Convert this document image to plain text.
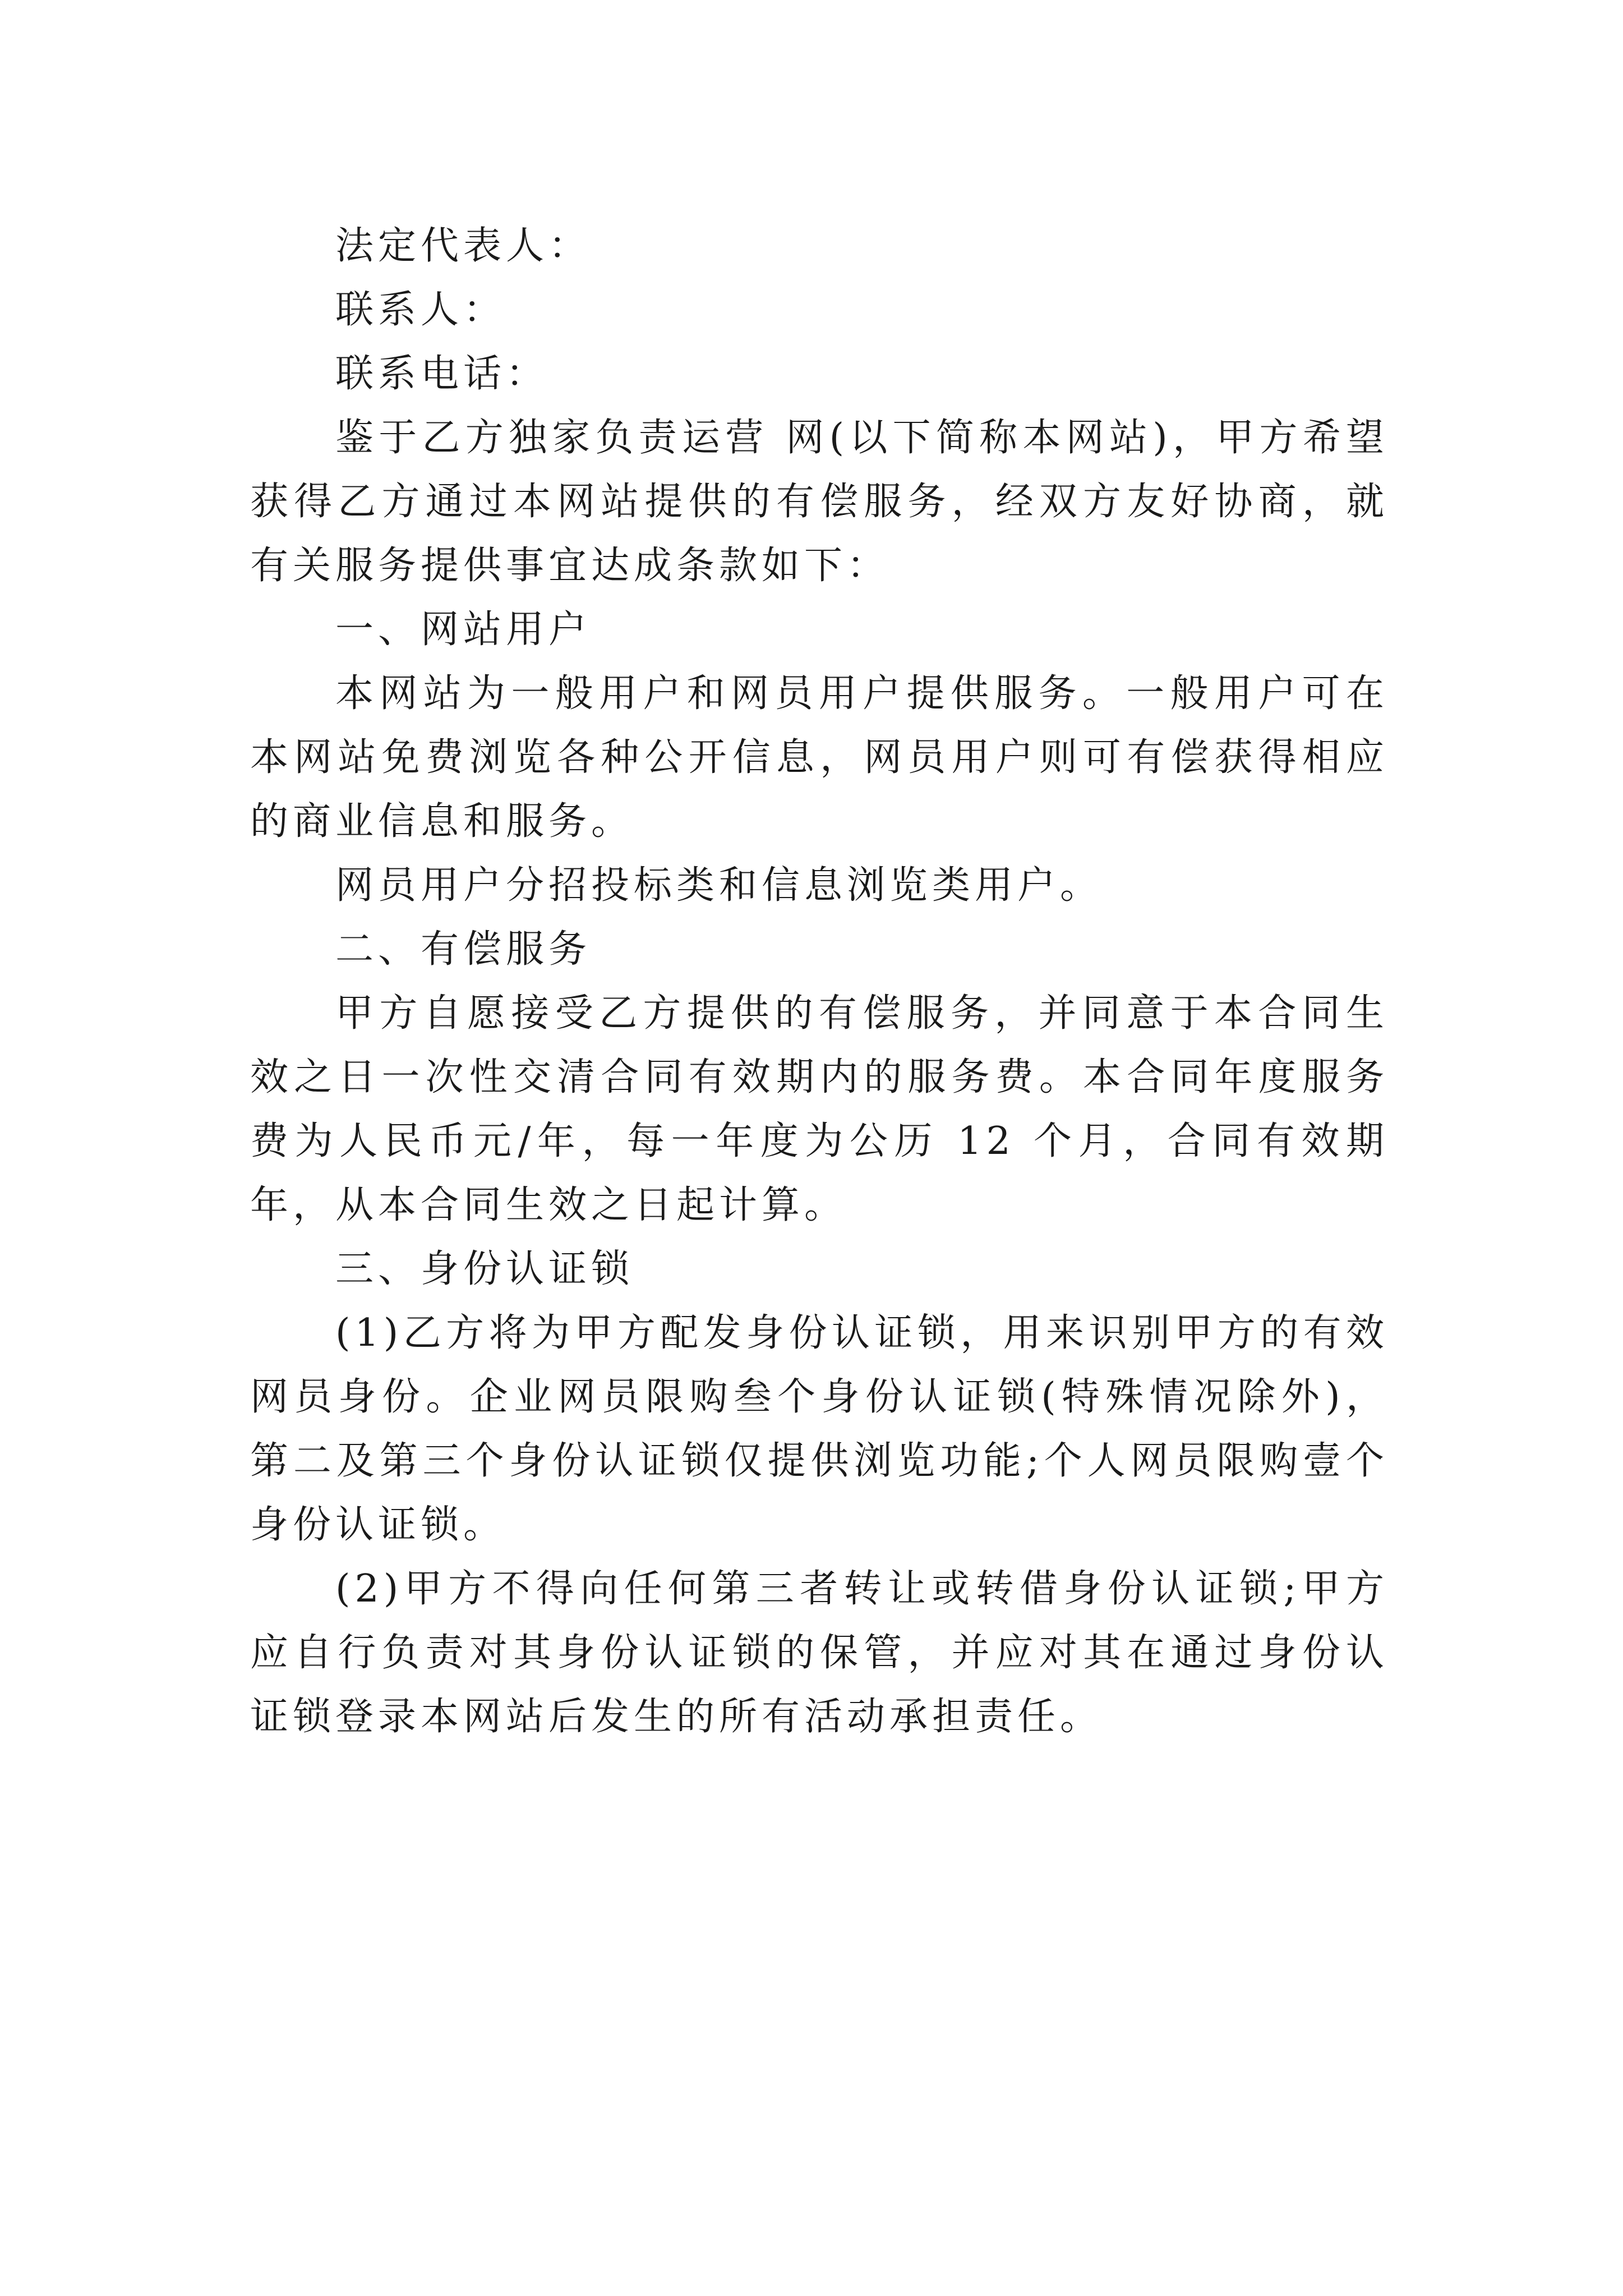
法定代表人：

联系人：

联系电话：

鉴于乙方独家负责运营 网(以下简称本网站)，甲方希望获得乙方通过本网站提供的有偿服务，经双方友好协商，就有关服务提供事宜达成条款如下：

一、网站用户

本网站为一般用户和网员用户提供服务。一般用户可在本网站免费浏览各种公开信息，网员用户则可有偿获得相应的商业信息和服务。

网员用户分招投标类和信息浏览类用户。

二、有偿服务

甲方自愿接受乙方提供的有偿服务，并同意于本合同生效之日一次性交清合同有效期内的服务费。本合同年度服务费为人民币元/年，每一年度为公历 12 个月，合同有效期年，从本合同生效之日起计算。

三、身份认证锁

(1)乙方将为甲方配发身份认证锁，用来识别甲方的有效网员身份。企业网员限购叁个身份认证锁(特殊情况除外)，第二及第三个身份认证锁仅提供浏览功能;个人网员限购壹个身份认证锁。

(2)甲方不得向任何第三者转让或转借身份认证锁;甲方应自行负责对其身份认证锁的保管，并应对其在通过身份认证锁登录本网站后发生的所有活动承担责任。
